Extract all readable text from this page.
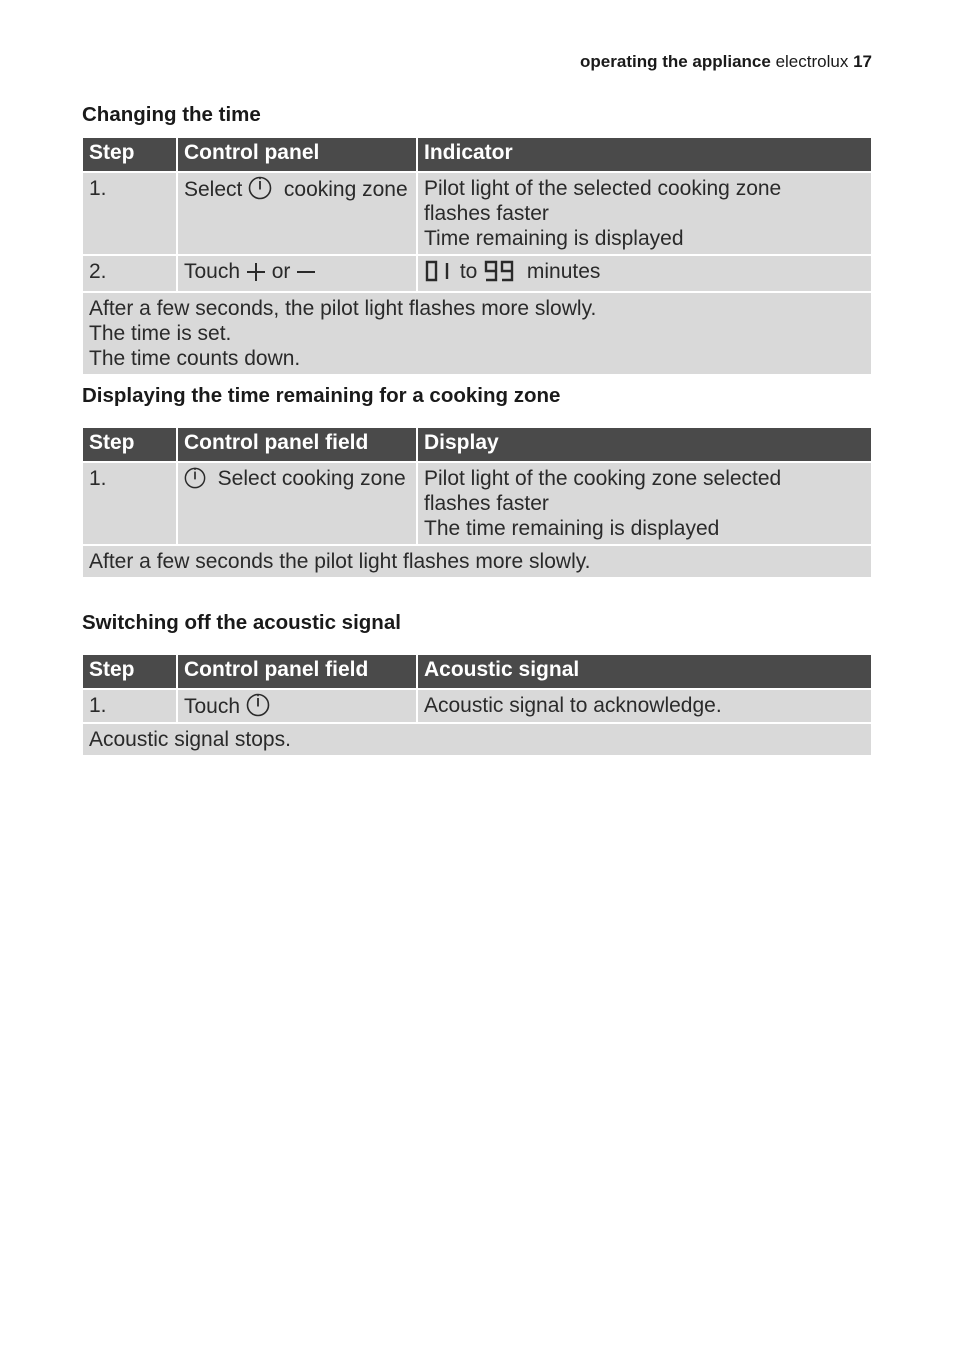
operating the appliance electrolux 17
Changing the time
Step	Control panel	Indicator
1.	Select cooking zone	Pilot light of the selected cooking zone
flashes faster
Time remaining is displayed

2.	Touch or	to minutes

After a few seconds, the pilot light flashes more slowly.
The time is set.
The time counts down.		
Displaying the time remaining for a cooking zone
Step	Control panel field	Display
1.	Select cooking zone	Pilot light of the cooking zone selected
flashes faster
The time remaining is displayed

After a few seconds the pilot light flashes more slowly.		
Switching off the acoustic signal
Step	Control panel field	Acoustic signal
1.	Touch	Acoustic signal to acknowledge.

Acoustic signal stops.		
